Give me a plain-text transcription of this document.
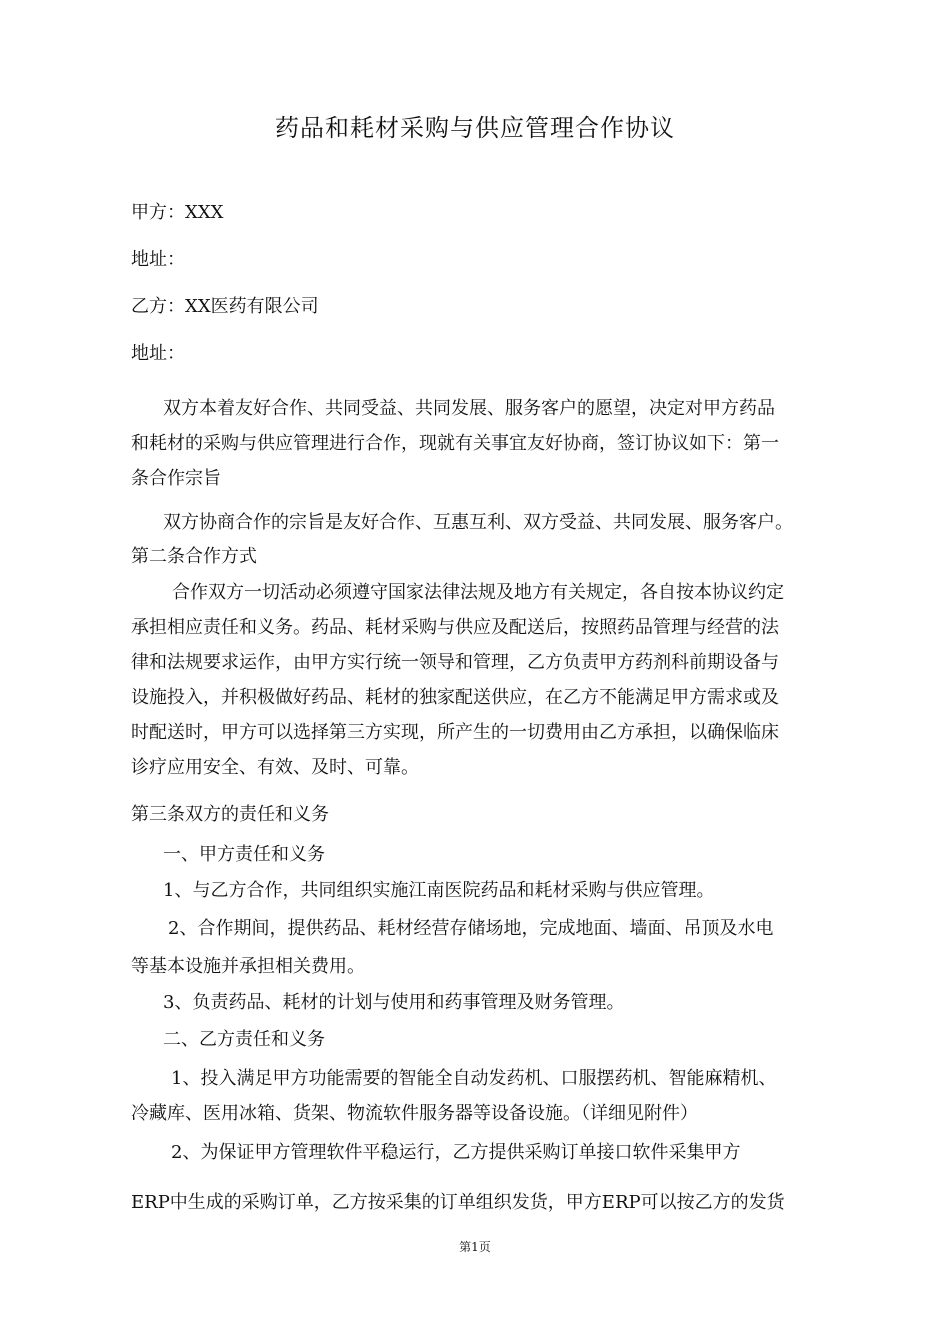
药品和耗材采购与供应管理合作协议
甲方：XXX
地址：
乙方：XX医药有限公司
地址：
双方本着友好合作、共同受益、共同发展、服务客户的愿望，决定对甲方药品
和耗材的采购与供应管理进行合作，现就有关事宜友好协商，签订协议如下：第一
条合作宗旨
双方协商合作的宗旨是友好合作、互惠互利、双方受益、共同发展、服务客户。
第二条合作方式
合作双方一切活动必须遵守国家法律法规及地方有关规定，各自按本协议约定
承担相应责任和义务。药品、耗材采购与供应及配送后，按照药品管理与经营的法
律和法规要求运作，由甲方实行统一领导和管理，乙方负责甲方药剂科前期设备与
设施投入，并积极做好药品、耗材的独家配送供应，在乙方不能满足甲方需求或及
时配送时，甲方可以选择第三方实现，所产生的一切费用由乙方承担，以确保临床
诊疗应用安全、有效、及时、可靠。
第三条双方的责任和义务
一、甲方责任和义务
1、与乙方合作，共同组织实施江南医院药品和耗材采购与供应管理。
2、合作期间，提供药品、耗材经营存储场地，完成地面、墙面、吊顶及水电
等基本设施并承担相关费用。
3、负责药品、耗材的计划与使用和药事管理及财务管理。
二、乙方责任和义务
1、投入满足甲方功能需要的智能全自动发药机、口服摆药机、智能麻精机、
冷藏库、医用冰箱、货架、物流软件服务器等设备设施。（详细见附件）
2、为保证甲方管理软件平稳运行，乙方提供采购订单接口软件采集甲方
ERP中生成的采购订单，乙方按采集的订单组织发货，甲方ERP可以按乙方的发货
第1页
